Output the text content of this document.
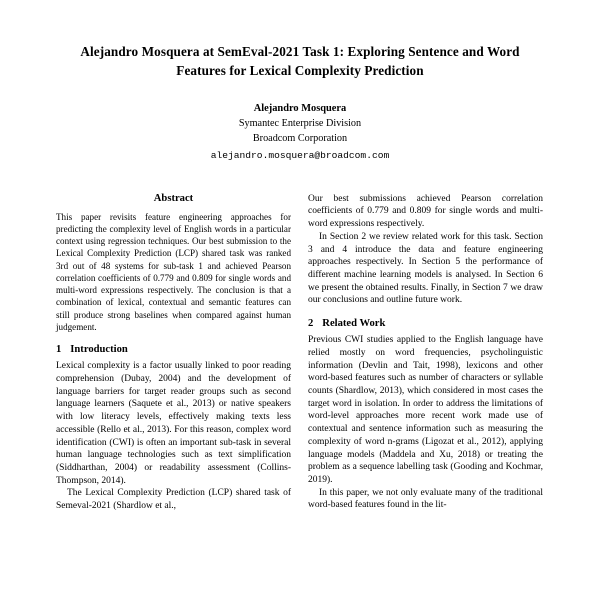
Alejandro Mosquera at SemEval-2021 Task 1: Exploring Sentence and Word Features for Lexical Complexity Prediction
Alejandro Mosquera
Symantec Enterprise Division
Broadcom Corporation
alejandro.mosquera@broadcom.com
Abstract

This paper revisits feature engineering approaches for predicting the complexity level of English words in a particular context using regression techniques. Our best submission to the Lexical Complexity Prediction (LCP) shared task was ranked 3rd out of 48 systems for sub-task 1 and achieved Pearson correlation coefficients of 0.779 and 0.809 for single words and multi-word expressions respectively. The conclusion is that a combination of lexical, contextual and semantic features can still produce strong baselines when compared against human judgement.

1 Introduction

Lexical complexity is a factor usually linked to poor reading comprehension (Dubay, 2004) and the development of language barriers for target reader groups such as second language learners (Saquete et al., 2013) or native speakers with low literacy levels, effectively making texts less accessible (Rello et al., 2013). For this reason, complex word identification (CWI) is often an important sub-task in several human language technologies such as text simplification (Siddharthan, 2004) or readability assessment (Collins-Thompson, 2014).

The Lexical Complexity Prediction (LCP) shared task of Semeval-2021 (Shardlow et al.,

Our best submissions achieved Pearson correlation coefficients of 0.779 and 0.809 for single words and multi-word expressions respectively.

In Section 2 we review related work for this task. Section 3 and 4 introduce the data and feature engineering approaches respectively. In Section 5 the performance of different machine learning models is analysed. In Section 6 we present the obtained results. Finally, in Section 7 we draw our conclusions and outline future work.

2 Related Work

Previous CWI studies applied to the English language have relied mostly on word frequencies, psycholinguistic information (Devlin and Tait, 1998), lexicons and other word-based features such as number of characters or syllable counts (Shardlow, 2013), which considered in most cases the target word in isolation. In order to address the limitations of word-level approaches more recent work made use of contextual and sentence information such as measuring the complexity of word n-grams (Ligozat et al., 2012), applying language models (Maddela and Xu, 2018) or treating the problem as a sequence labelling task (Gooding and Kochmar, 2019).

In this paper, we not only evaluate many of the traditional word-based features found in the lit-
